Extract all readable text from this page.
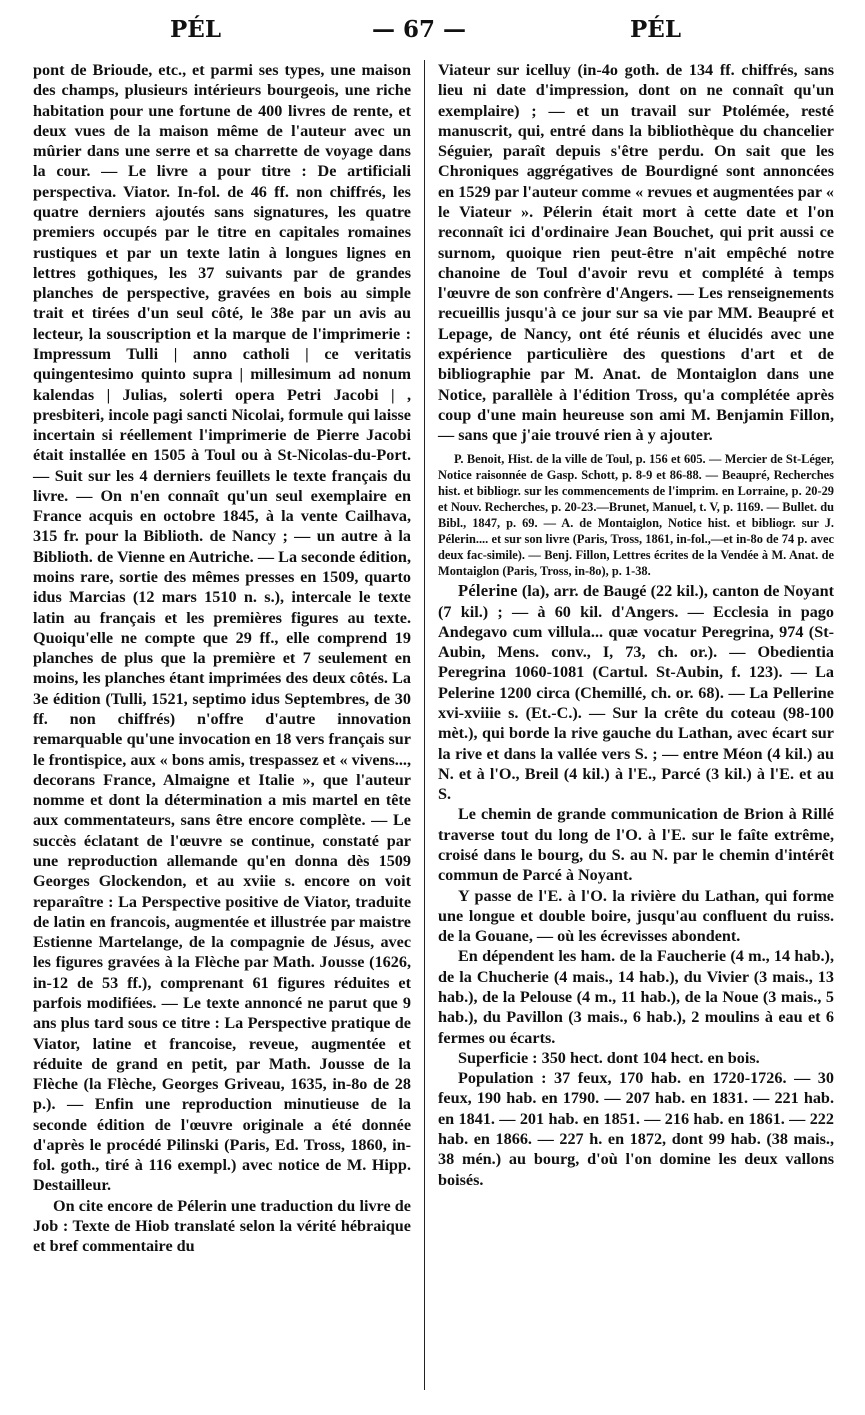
PÉL	— 67 —	PÉL

pont de Brioude, etc., et parmi ses types, une maison des champs, plusieurs intérieurs bourgeois, une riche habitation pour une fortune de 400 livres de rente, et deux vues de la maison même de l'auteur avec un mûrier dans une serre et sa charrette de voyage dans la cour. — Le livre a pour titre : De artificiali perspectiva. Viator. In-fol. de 46 ff. non chiffrés, les quatre derniers ajoutés sans signatures, les quatre premiers occupés par le titre en capitales romaines rustiques et par un texte latin à longues lignes en lettres gothiques, les 37 suivants par de grandes planches de perspective, gravées en bois au simple trait et tirées d'un seul côté, le 38e par un avis au lecteur, la souscription et la marque de l'imprimerie : Impressum Tulli | anno catholi | ce veritatis quingentesimo quinto supra | millesimum ad nonum kalendas | Julias, solerti opera Petri Jacobi | , presbiteri, incole pagi sancti Nicolai, formule qui laisse incertain si réellement l'imprimerie de Pierre Jacobi était installée en 1505 à Toul ou à St-Nicolas-du-Port. — Suit sur les 4 derniers feuillets le texte français du livre. — On n'en connaît qu'un seul exemplaire en France acquis en octobre 1845, à la vente Cailhava, 315 fr. pour la Biblioth. de Nancy ; — un autre à la Biblioth. de Vienne en Autriche. — La seconde édition, moins rare, sortie des mêmes presses en 1509, quarto idus Marcias (12 mars 1510 n. s.), intercale le texte latin au français et les premières figures au texte. Quoiqu'elle ne compte que 29 ff., elle comprend 19 planches de plus que la première et 7 seulement en moins, les planches étant imprimées des deux côtés. La 3e édition (Tulli, 1521, septimo idus Septembres, de 30 ff. non chiffrés) n'offre d'autre innovation remarquable qu'une invocation en 18 vers français sur le frontispice, aux « bons amis, trespassez et « vivens..., decorans France, Almaigne et Italie », que l'auteur nomme et dont la détermination a mis martel en tête aux commentateurs, sans être encore complète. — Le succès éclatant de l'œuvre se continue, constaté par une reproduction allemande qu'en donna dès 1509 Georges Glockendon, et au xviie s. encore on voit reparaître : La Perspective positive de Viator, traduite de latin en francois, augmentée et illustrée par maistre Estienne Martelange, de la compagnie de Jésus, avec les figures gravées à la Flèche par Math. Jousse (1626, in-12 de 53 ff.), comprenant 61 figures réduites et parfois modifiées. — Le texte annoncé ne parut que 9 ans plus tard sous ce titre : La Perspective pratique de Viator, latine et francoise, reveue, augmentée et réduite de grand en petit, par Math. Jousse de la Flèche (la Flèche, Georges Griveau, 1635, in-8o de 28 p.). — Enfin une reproduction minutieuse de la seconde édition de l'œuvre originale a été donnée d'après le procédé Pilinski (Paris, Ed. Tross, 1860, in-fol. goth., tiré à 116 exempl.) avec notice de M. Hipp. Destailleur.

On cite encore de Pélerin une traduction du livre de Job : Texte de Hiob translaté selon la vérité hébraique et bref commentaire du

Viateur sur icelluy (in-4o goth. de 134 ff. chiffrés, sans lieu ni date d'impression, dont on ne connaît qu'un exemplaire) ; — et un travail sur Ptolémée, resté manuscrit, qui, entré dans la bibliothèque du chancelier Séguier, paraît depuis s'être perdu. On sait que les Chroniques aggrégatives de Bourdigné sont annoncées en 1529 par l'auteur comme « revues et augmentées par « le Viateur ». Pélerin était mort à cette date et l'on reconnaît ici d'ordinaire Jean Bouchet, qui prit aussi ce surnom, quoique rien peut-être n'ait empêché notre chanoine de Toul d'avoir revu et complété à temps l'œuvre de son confrère d'Angers. — Les renseignements recueillis jusqu'à ce jour sur sa vie par MM. Beaupré et Lepage, de Nancy, ont été réunis et élucidés avec une expérience particulière des questions d'art et de bibliographie par M. Anat. de Montaiglon dans une Notice, parallèle à l'édition Tross, qu'a complétée après coup d'une main heureuse son ami M. Benjamin Fillon, — sans que j'aie trouvé rien à y ajouter.

P. Benoit, Hist. de la ville de Toul, p. 156 et 605. — Mercier de St-Léger, Notice raisonnée de Gasp. Schott, p. 8-9 et 86-88. — Beaupré, Recherches hist. et bibliogr. sur les commencements de l'imprim. en Lorraine, p. 20-29 et Nouv. Recherches, p. 20-23.—Brunet, Manuel, t. V, p. 1169. — Bullet. du Bibl., 1847, p. 69. — A. de Montaiglon, Notice hist. et bibliogr. sur J. Pélerin.... et sur son livre (Paris, Tross, 1861, in-fol.,—et in-8o de 74 p. avec deux fac-simile). — Benj. Fillon, Lettres écrites de la Vendée à M. Anat. de Montaiglon (Paris, Tross, in-8o), p. 1-38.

Pélerine (la), arr. de Baugé (22 kil.), canton de Noyant (7 kil.) ; — à 60 kil. d'Angers. — Ecclesia in pago Andegavo cum villula... quæ vocatur Peregrina, 974 (St-Aubin, Mens. conv., I, 73, ch. or.). — Obedientia Peregrina 1060-1081 (Cartul. St-Aubin, f. 123). — La Pelerine 1200 circa (Chemillé, ch. or. 68). — La Pellerine xvi-xviiie s. (Et.-C.). — Sur la crête du coteau (98-100 mèt.), qui borde la rive gauche du Lathan, avec écart sur la rive et dans la vallée vers S. ; — entre Méon (4 kil.) au N. et à l'O., Breil (4 kil.) à l'E., Parcé (3 kil.) à l'E. et au S.

Le chemin de grande communication de Brion à Rillé traverse tout du long de l'O. à l'E. sur le faîte extrême, croisé dans le bourg, du S. au N. par le chemin d'intérêt commun de Parcé à Noyant.

Y passe de l'E. à l'O. la rivière du Lathan, qui forme une longue et double boire, jusqu'au confluent du ruiss. de la Gouane, — où les écrevisses abondent.

En dépendent les ham. de la Faucherie (4 m., 14 hab.), de la Chucherie (4 mais., 14 hab.), du Vivier (3 mais., 13 hab.), de la Pelouse (4 m., 11 hab.), de la Noue (3 mais., 5 hab.), du Pavillon (3 mais., 6 hab.), 2 moulins à eau et 6 fermes ou écarts.

Superficie : 350 hect. dont 104 hect. en bois.

Population : 37 feux, 170 hab. en 1720-1726. — 30 feux, 190 hab. en 1790. — 207 hab. en 1831. — 221 hab. en 1841. — 201 hab. en 1851. — 216 hab. en 1861. — 222 hab. en 1866. — 227 h. en 1872, dont 99 hab. (38 mais., 38 mén.) au bourg, d'où l'on domine les deux vallons boisés.
